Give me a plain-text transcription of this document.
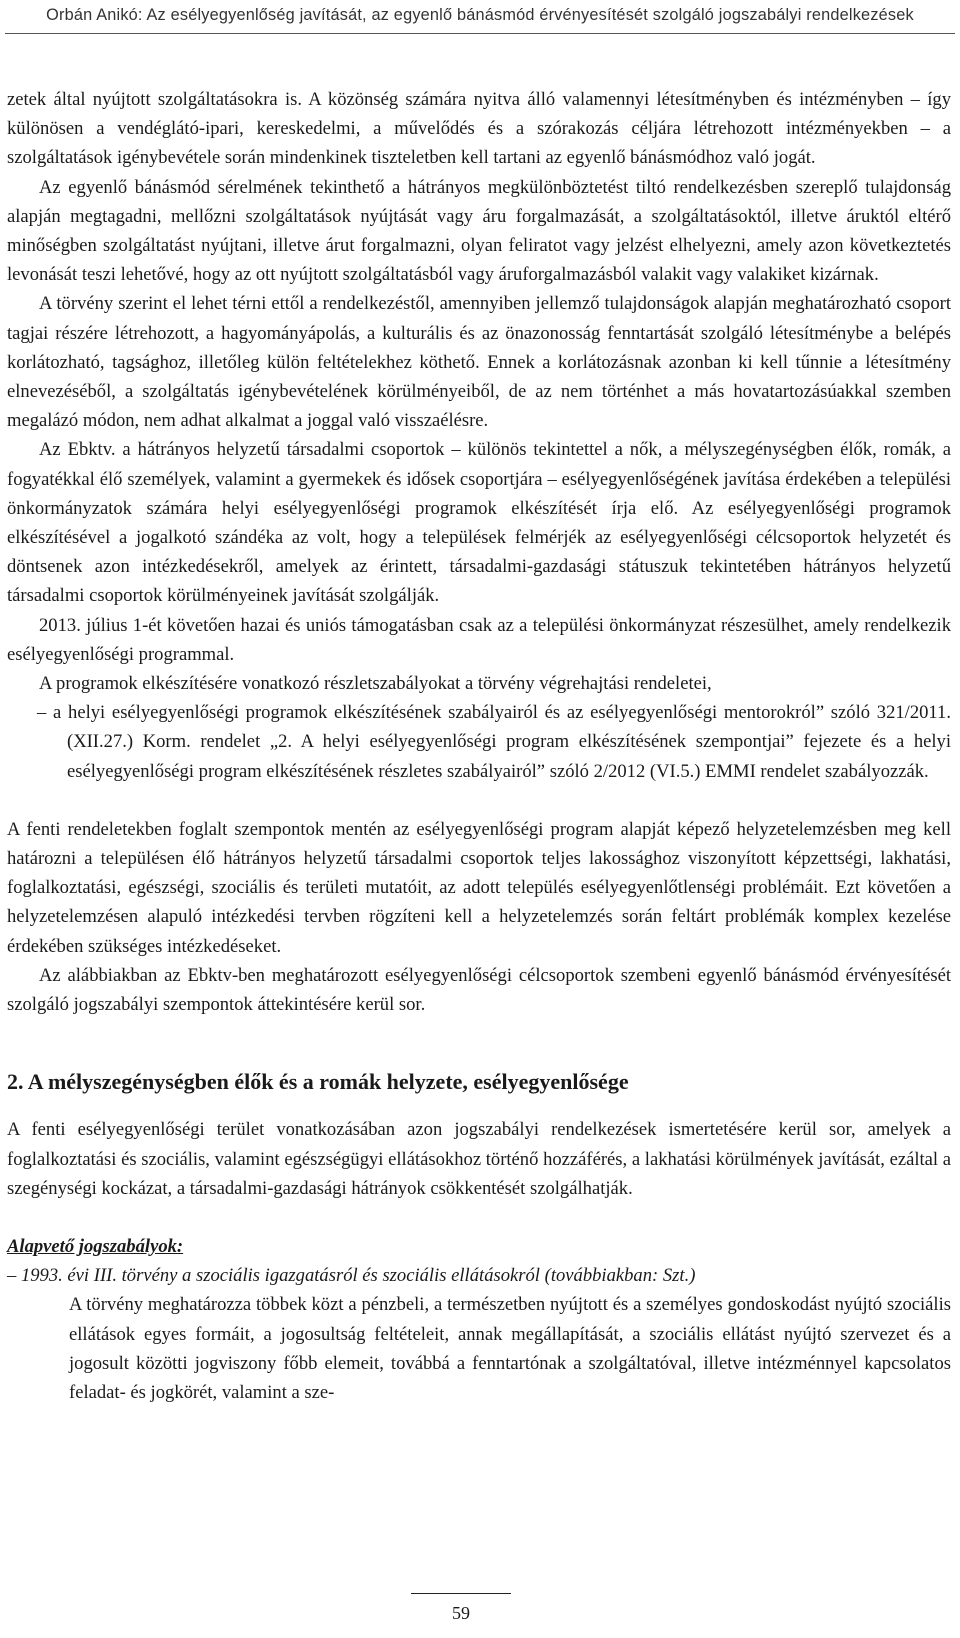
Orbán Anikó: Az esélyegyenlőség javítását, az egyenlő bánásmód érvényesítését szolgáló jogszabályi rendelkezések

zetek által nyújtott szolgáltatásokra is. A közönség számára nyitva álló valamennyi létesítményben és intézményben – így különösen a vendéglátó-ipari, kereskedelmi, a művelődés és a szórakozás céljára létrehozott intézményekben – a szolgáltatások igénybevétele során mindenkinek tiszteletben kell tartani az egyenlő bánásmódhoz való jogát.

Az egyenlő bánásmód sérelmének tekinthető a hátrányos megkülönböztetést tiltó rendelkezésben szereplő tulajdonság alapján megtagadni, mellőzni szolgáltatások nyújtását vagy áru forgalmazását, a szolgáltatásoktól, illetve áruktól eltérő minőségben szolgáltatást nyújtani, illetve árut forgalmazni, olyan feliratot vagy jelzést elhelyezni, amely azon következtetés levonását teszi lehetővé, hogy az ott nyújtott szolgáltatásból vagy áruforgalmazásból valakit vagy valakiket kizárnak.

A törvény szerint el lehet térni ettől a rendelkezéstől, amennyiben jellemző tulajdonságok alapján meghatározható csoport tagjai részére létrehozott, a hagyományápolás, a kulturális és az önazonosság fenntartását szolgáló létesítménybe a belépés korlátozható, tagsághoz, illetőleg külön feltételekhez köthető. Ennek a korlátozásnak azonban ki kell tűnnie a létesítmény elnevezéséből, a szolgáltatás igénybevételének körülményeiből, de az nem történhet a más hovatartozásúakkal szemben megalázó módon, nem adhat alkalmat a joggal való visszaélésre.

Az Ebktv. a hátrányos helyzetű társadalmi csoportok – különös tekintettel a nők, a mélyszegénységben élők, romák, a fogyatékkal élő személyek, valamint a gyermekek és idősek csoportjára – esélyegyenlőségének javítása érdekében a települési önkormányzatok számára helyi esélyegyenlőségi programok elkészítését írja elő. Az esélyegyenlőségi programok elkészítésével a jogalkotó szándéka az volt, hogy a települések felmérjék az esélyegyenlőségi célcsoportok helyzetét és döntsenek azon intézkedésekről, amelyek az érintett, társadalmi-gazdasági státuszuk tekintetében hátrányos helyzetű társadalmi csoportok körülményeinek javítását szolgálják.

2013. július 1-ét követően hazai és uniós támogatásban csak az a települési önkormányzat részesülhet, amely rendelkezik esélyegyenlőségi programmal.

A programok elkészítésére vonatkozó részletszabályokat a törvény végrehajtási rendeletei,

– a helyi esélyegyenlőségi programok elkészítésének szabályairól és az esélyegyenlőségi mentorokról” szóló 321/2011. (XII.27.) Korm. rendelet „2. A helyi esélyegyenlőségi program elkészítésének szempontjai” fejezete és a helyi esélyegyenlőségi program elkészítésének részletes szabályairól” szóló 2/2012 (VI.5.) EMMI rendelet szabályozzák.

A fenti rendeletekben foglalt szempontok mentén az esélyegyenlőségi program alapját képező helyzetelemzésben meg kell határozni a településen élő hátrányos helyzetű társadalmi csoportok teljes lakossághoz viszonyított képzettségi, lakhatási, foglalkoztatási, egészségi, szociális és területi mutatóit, az adott település esélyegyenlőtlenségi problémáit. Ezt követően a helyzetelemzésen alapuló intézkedési tervben rögzíteni kell a helyzetelemzés során feltárt problémák komplex kezelése érdekében szükséges intézkedéseket.

Az alábbiakban az Ebktv-ben meghatározott esélyegyenlőségi célcsoportok szembeni egyenlő bánásmód érvényesítését szolgáló jogszabályi szempontok áttekintésére kerül sor.

2. A mélyszegénységben élők és a romák helyzete, esélyegyenlősége

A fenti esélyegyenlőségi terület vonatkozásában azon jogszabályi rendelkezések ismertetésére kerül sor, amelyek a foglalkoztatási és szociális, valamint egészségügyi ellátásokhoz történő hozzáférés, a lakhatási körülmények javítását, ezáltal a szegénységi kockázat, a társadalmi-gazdasági hátrányok csökkentését szolgálhatják.

Alapvető jogszabályok:

– 1993. évi III. törvény a szociális igazgatásról és szociális ellátásokról (továbbiakban: Szt.)

A törvény meghatározza többek közt a pénzbeli, a természetben nyújtott és a személyes gondoskodást nyújtó szociális ellátások egyes formáit, a jogosultság feltételeit, annak megállapítását, a szociális ellátást nyújtó szervezet és a jogosult közötti jogviszony főbb elemeit, továbbá a fenntartónak a szolgáltatóval, illetve intézménnyel kapcsolatos feladat- és jogkörét, valamint a sze-

59
